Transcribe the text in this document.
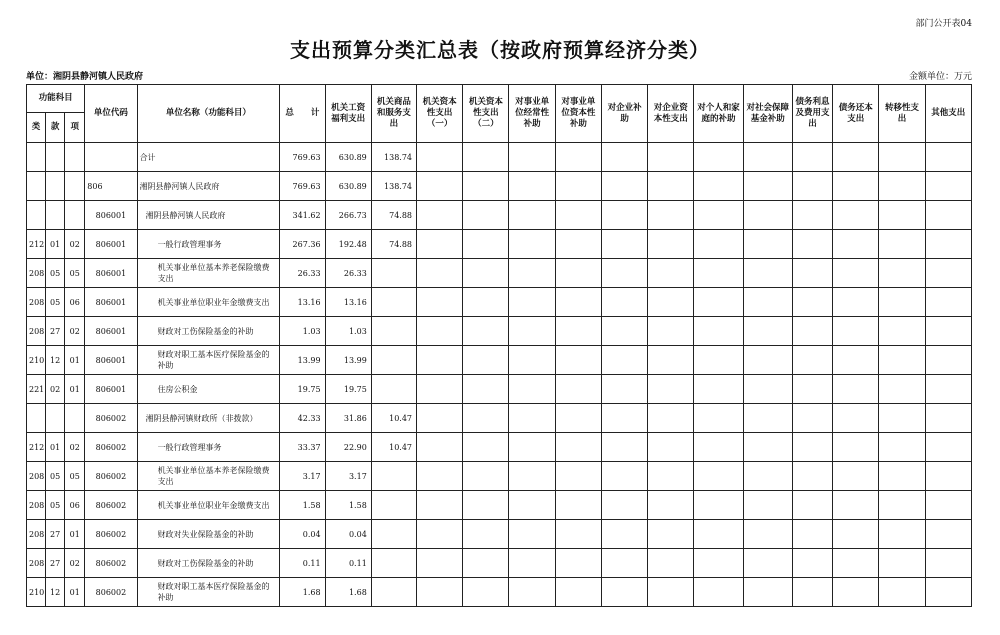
部门公开表04
支出预算分类汇总表（按政府预算经济分类）
单位：湘阴县静河镇人民政府	金额单位：万元
功能科目			单位代码	单位名称（功能科目）	总　　计	机关工资福利支出	机关商品和服务支出	机关资本性支出（一）	机关资本性支出（二）	对事业单位经常性补助	对事业单位资本性补助	对企业补助	对企业资本性支出	对个人和家庭的补助	对社会保障基金补助	债务利息及费用支出	债务还本支出	转移性支出	其他支出
类	款	项																	
				合计	769.63	630.89	138.74												
			806	湘阴县静河镇人民政府	769.63	630.89	138.74												
			806001	湘阴县静河镇人民政府	341.62	266.73	74.88												
212	01	02	806001	一般行政管理事务	267.36	192.48	74.88												
208	05	05	806001	机关事业单位基本养老保险缴费支出	26.33	26.33													
208	05	06	806001	机关事业单位职业年金缴费支出	13.16	13.16													
208	27	02	806001	财政对工伤保险基金的补助	1.03	1.03													
210	12	01	806001	财政对职工基本医疗保险基金的补助	13.99	13.99													
221	02	01	806001	住房公积金	19.75	19.75													
			806002	湘阴县静河镇财政所（非拨款）	42.33	31.86	10.47												
212	01	02	806002	一般行政管理事务	33.37	22.90	10.47												
208	05	05	806002	机关事业单位基本养老保险缴费支出	3.17	3.17													
208	05	06	806002	机关事业单位职业年金缴费支出	1.58	1.58													
208	27	01	806002	财政对失业保险基金的补助	0.04	0.04													
208	27	02	806002	财政对工伤保险基金的补助	0.11	0.11													
210	12	01	806002	财政对职工基本医疗保险基金的补助	1.68	1.68													
